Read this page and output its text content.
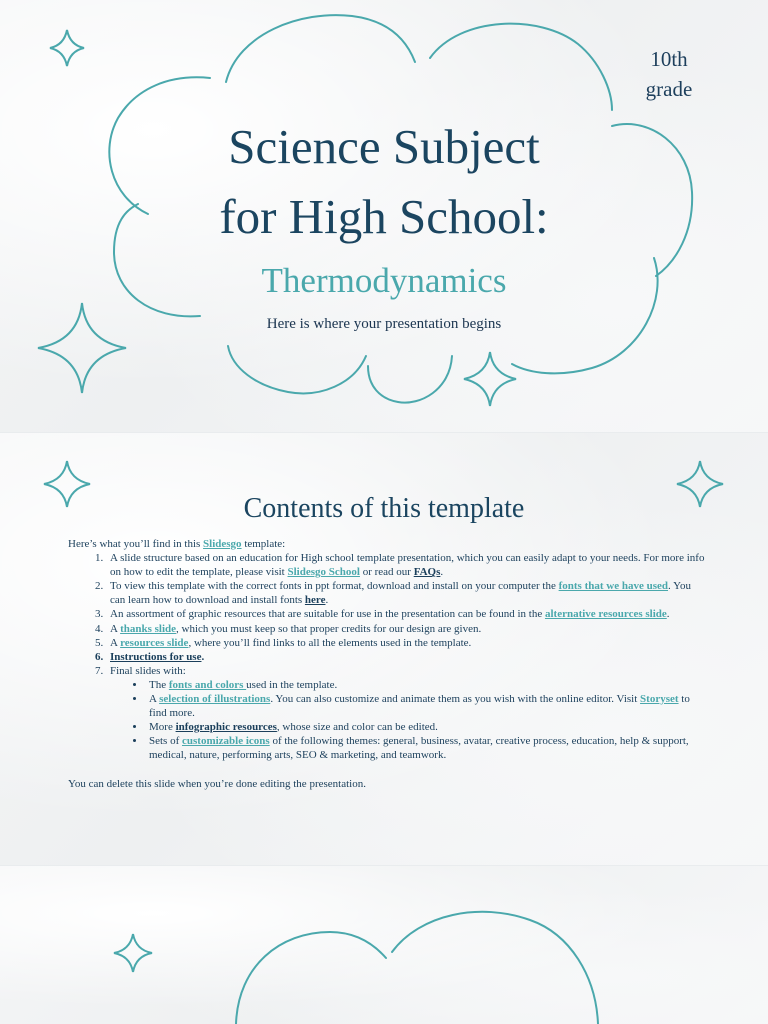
10th
grade
Science Subject
for High School:
Thermodynamics
Here is where your presentation begins
Contents of this template

Here’s what you’ll find in this Slidesgo template:

1. A slide structure based on an education for High school template presentation, which you can easily adapt to your needs. For more info on how to edit the template, please visit Slidesgo School or read our FAQs.
2. To view this template with the correct fonts in ppt format, download and install on your computer the fonts that we have used. You can learn how to download and install fonts here.
3. An assortment of graphic resources that are suitable for use in the presentation can be found in the alternative resources slide.
4. A thanks slide, which you must keep so that proper credits for our design are given.
5. A resources slide, where you’ll find links to all the elements used in the template.
6. Instructions for use.
7. Final slides with:
• The fonts and colors used in the template.
• A selection of illustrations. You can also customize and animate them as you wish with the online editor. Visit Storyset to find more.
• More infographic resources, whose size and color can be edited.
• Sets of customizable icons of the following themes: general, business, avatar, creative process, education, help & support, medical, nature, performing arts, SEO & marketing, and teamwork.

You can delete this slide when you’re done editing the presentation.
